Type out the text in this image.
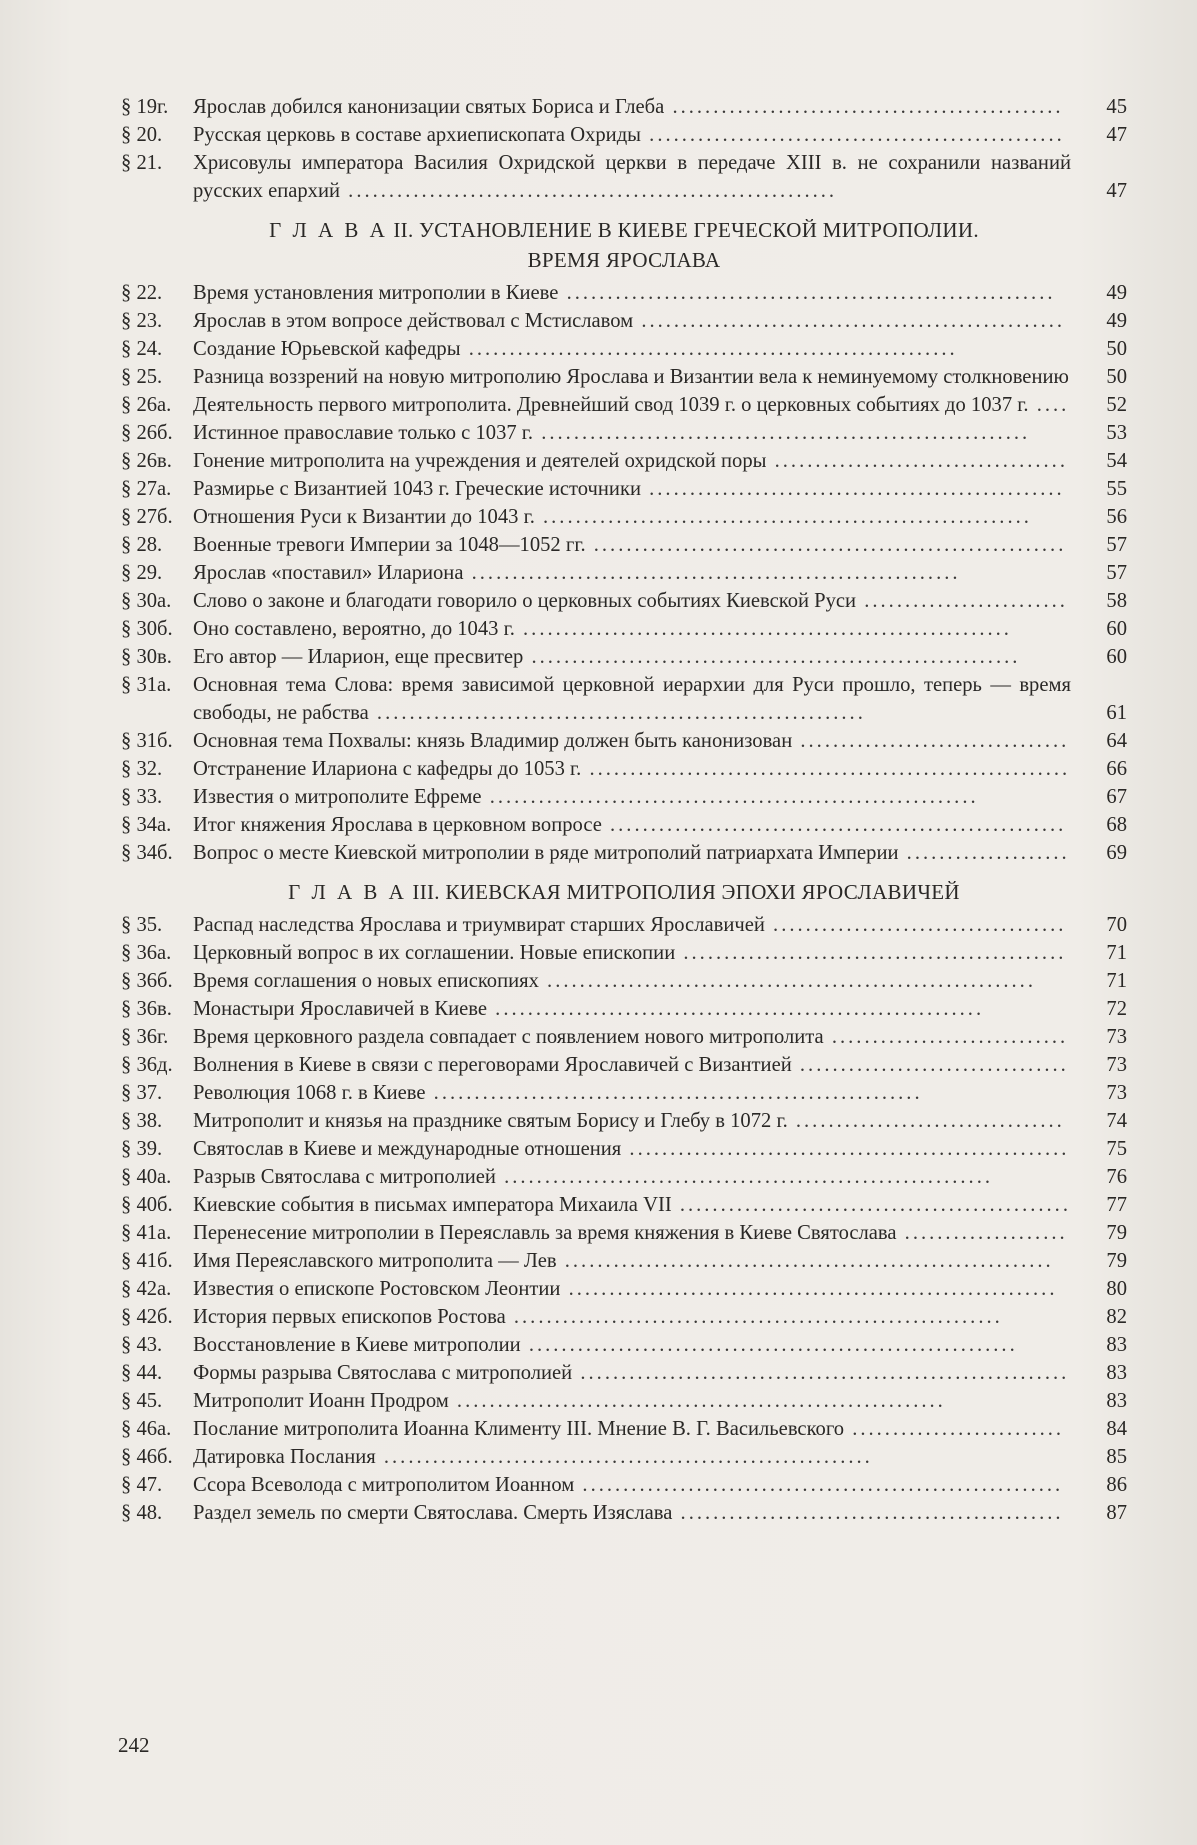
§ 19г.	Ярослав добился канонизации святых Бориса и Глеба ................................................	45
§ 20.	Русская церковь в составе архиепископата Охриды ...................................................	47
§ 21.	Хрисовулы императора Василия Охридской церкви в передаче XIII в. не сохранили названий русских епархий ............................................................	47
Г Л А В А II. УСТАНОВЛЕНИЕ В КИЕВЕ ГРЕЧЕСКОЙ МИТРОПОЛИИ.
ВРЕМЯ ЯРОСЛАВА
§ 22.	Время установления митрополии в Киеве ............................................................	49
§ 23.	Ярослав в этом вопросе действовал с Мстиславом ....................................................	49
§ 24.	Создание Юрьевской кафедры ............................................................	50
§ 25.	Разница воззрений на новую митрополию Ярослава и Византии вела к неминуемому столкновению	50
§ 26а.	Деятельность первого митрополита. Древнейший свод 1039 г. о церковных событиях до 1037 г. ....	52
§ 26б. Истинное православие только с 1037 г. ............................................................	53
§ 26в.	Гонение митрополита на учреждения и деятелей охридской поры ....................................	54
§ 27а.	Размирье с Византией 1043 г. Греческие источники ...................................................	55
§ 27б. Отношения Руси к Византии до 1043 г. ............................................................	56
§ 28.	Военные тревоги Империи за 1048—1052 гг. ..........................................................	57
§ 29.	Ярослав «поставил» Илариона ............................................................	57
§ 30а.	Слово о законе и благодати говорило о церковных событиях Киевской Руси .........................	58
§ 30б. Оно составлено, вероятно, до 1043 г. ............................................................	60
§ 30в.	Его автор — Иларион, еще пресвитер ............................................................	60
§ 31а.	Основная тема Слова: время зависимой церковной иерархии для Руси прошло, теперь — время свободы, не рабства ............................................................	61
§ 31б. Основная тема Похвалы: князь Владимир должен быть канонизован .................................	64
§ 32.	Отстранение Илариона с кафедры до 1053 г. ...........................................................	66
§ 33.	Известия о митрополите Ефреме ............................................................	67
§ 34а.	Итог княжения Ярослава в церковном вопросе ........................................................	68
§ 34б. Вопрос о месте Киевской митрополии в ряде митрополий патриархата Империи ....................	69
Г Л А В А III. КИЕВСКАЯ МИТРОПОЛИЯ ЭПОХИ ЯРОСЛАВИЧЕЙ
§ 35.	Распад наследства Ярослава и триумвират старших Ярославичей ....................................	70
§ 36а.	Церковный вопрос в их соглашении. Новые епископии ...............................................	71
§ 36б. Время соглашения о новых епископиях ............................................................	71
§ 36в.	Монастыри Ярославичей в Киеве ............................................................	72
§ 36г.	Время церковного раздела совпадает с появлением нового митрополита .............................	73
§ 36д. Волнения в Киеве в связи с переговорами Ярославичей с Византией .................................	73
§ 37.	Революция 1068 г. в Киеве ............................................................	73
§ 38.	Митрополит и князья на празднике святым Борису и Глебу в 1072 г. .................................	74
§ 39.	Святослав в Киеве и международные отношения ......................................................	75
§ 40а.	Разрыв Святослава с митрополией ............................................................	76
§ 40б. Киевские события в письмах императора Михаила VII ................................................	77
§ 41а.	Перенесение митрополии в Переяславль за время княжения в Киеве Святослава ....................	79
§ 41б. Имя Переяславского митрополита — Лев ............................................................	79
§ 42а.	Известия о епископе Ростовском Леонтии ............................................................	80
§ 42б. История первых епископов Ростова ............................................................	82
§ 43.	Восстановление в Киеве митрополии ............................................................	83
§ 44.	Формы разрыва Святослава с митрополией ............................................................	83
§ 45.	Митрополит Иоанн Продром ............................................................	83
§ 46а.	Послание митрополита Иоанна Клименту III. Мнение В. Г. Васильевского ..........................	84
§ 46б. Датировка Послания ............................................................	85
§ 47.	Ссора Всеволода с митрополитом Иоанном ...........................................................	86
§ 48.	Раздел земель по смерти Святослава. Смерть Изяслава ...............................................	87
242
